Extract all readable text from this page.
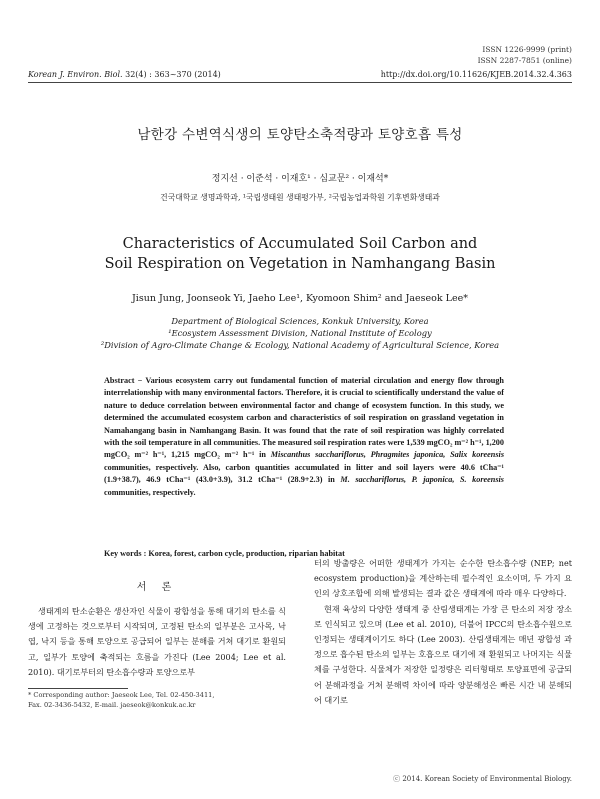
ISSN 1226-9999 (print)
ISSN 2287-7851 (online)
Korean J. Environ. Biol. 32(4) : 363~370 (2014)	http://dx.doi.org/10.11626/KJEB.2014.32.4.363
남한강 수변역식생의 토양탄소축적량과 토양호흡 특성
정지선 · 이준석 · 이재호¹ · 심교문² · 이재석*
건국대학교 생명과학과, ¹국립생태원 생태평가부, ²국립농업과학원 기후변화생태과
Characteristics of Accumulated Soil Carbon and
Soil Respiration on Vegetation in Namhangang Basin
Jisun Jung, Joonseok Yi, Jaeho Lee¹, Kyomoon Shim² and Jaeseok Lee*
Department of Biological Sciences, Konkuk University, Korea
¹Ecosystem Assessment Division, National Institute of Ecology
²Division of Agro-Climate Change & Ecology, National Academy of Agricultural Science, Korea
Abstract − Various ecosystem carry out fundamental function of material circulation and energy flow through interrelationship with many environmental factors. Therefore, it is crucial to scientifically understand the value of nature to deduce correlation between environmental factor and change of ecosystem function. In this study, we determined the accumulated ecosystem carbon and characteristics of soil respiration on grassland vegetation in Namahangang basin in Namhangang Basin. It was found that the rate of soil respiration was highly correlated with the soil temperature in all communities. The measured soil respiration rates were 1,539 mgCO₂ m⁻² h⁻¹, 1,200 mgCO₂ m⁻² h⁻¹, 1,215 mgCO₂ m⁻² h⁻¹ in Miscanthus sacchariflorus, Phragmites japonica, Salix koreensis communities, respectively. Also, carbon quantities accumulated in litter and soil layers were 40.6 tCha⁻¹ (1.9+38.7), 46.9 tCha⁻¹ (43.0+3.9), 31.2 tCha⁻¹ (28.9+2.3) in M. sacchariflorus, P. japonica, S. koreensis communities, respectively.
Key words : Korea, forest, carbon cycle, production, riparian habitat
서 론

생태계의 탄소순환은 생산자인 식물이 광합성을 통해 대기의 탄소를 식생에 고정하는 것으로부터 시작되며, 고정된 탄소의 일부분은 고사목, 낙엽, 낙지 등을 통해 토양으로 공급되어 일부는 분해를 거쳐 대기로 환원되고, 일부가 토양에 축적되는 흐름을 가진다 (Lee 2004; Lee et al. 2010). 대기로부터의 탄소흡수량과 토양으로부

터의 방출량은 어떠한 생태계가 가지는 순수한 탄소흡수량 (NEP; net ecosystem production)을 계산하는데 필수적인 요소이며, 두 가지 요인의 상호조합에 의해 발생되는 결과 값은 생태계에 따라 매우 다양하다.

현재 육상의 다양한 생태계 중 산림생태계는 가장 큰 탄소의 저장 장소로 인식되고 있으며 (Lee et al. 2010), 더불어 IPCC의 탄소흡수원으로 인정되는 생태계이기도 하다 (Lee 2003). 산림생태계는 매년 광합성 과정으로 흡수된 탄소의 일부는 호흡으로 대기에 재 환원되고 나머지는 식물체를 구성한다. 식물체가 저장한 일정량은 리터형태로 토양표면에 공급되어 분해과정을 거쳐 분해력 차이에 따라 양분해성은 빠른 시간 내 분해되어 대기로

* Corresponding author: Jaeseok Lee, Tel. 02-450-3411,
Fax. 02-3436-5432, E-mail. jaeseok@konkuk.ac.kr
ⓒ 2014. Korean Society of Environmental Biology.
